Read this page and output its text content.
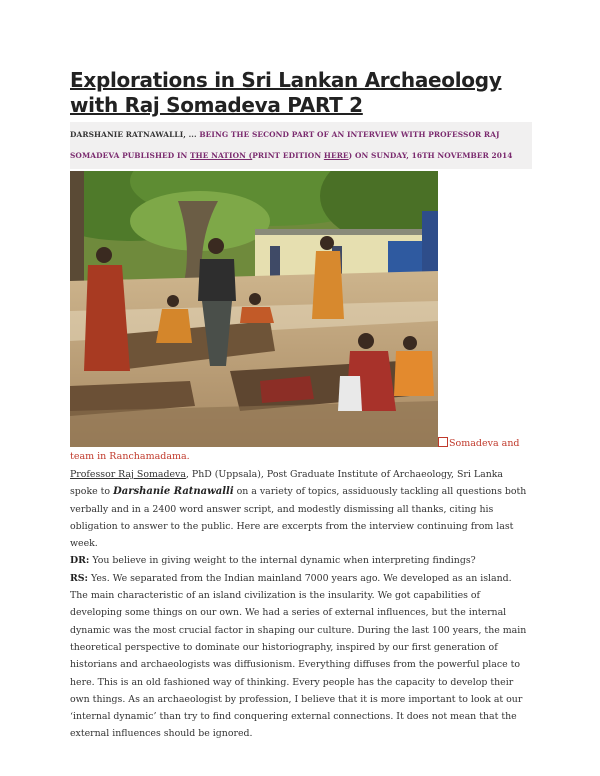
Explorations in Sri Lankan Archaeology with Raj Somadeva PART 2
DARSHANIE RATNAWALLI, ... BEING THE SECOND PART OF AN INTERVIEW WITH PROFESSOR RAJ SOMADEVA PUBLISHED IN THE NATION (PRINT EDITION HERE) ON SUNDAY, 16TH NOVEMBER 2014
Somadeva and
team in Ranchamadama.

Professor Raj Somadeva, PhD (Uppsala), Post Graduate Institute of Archaeology, Sri Lanka spoke to Darshanie Ratnawalli on a variety of topics, assiduously tackling all questions both verbally and in a 2400 word answer script, and modestly dismissing all thanks, citing his obligation to answer to the public. Here are excerpts from the interview continuing from last week.

DR: You believe in giving weight to the internal dynamic when interpreting findings?

RS: Yes. We separated from the Indian mainland 7000 years ago. We developed as an island. The main characteristic of an island civilization is the insularity. We got capabilities of developing some things on our own. We had a series of external influences, but the internal dynamic was the most crucial factor in shaping our culture. During the last 100 years, the main theoretical perspective to dominate our historiography, inspired by our first generation of historians and archaeologists was diffusionism. Everything diffuses from the powerful place to here. This is an old fashioned way of thinking. Every people has the capacity to develop their own things. As an archaeologist by profession, I believe that it is more important to look at our ‘internal dynamic’ than try to find conquering external connections. It does not mean that the external influences should be ignored.
